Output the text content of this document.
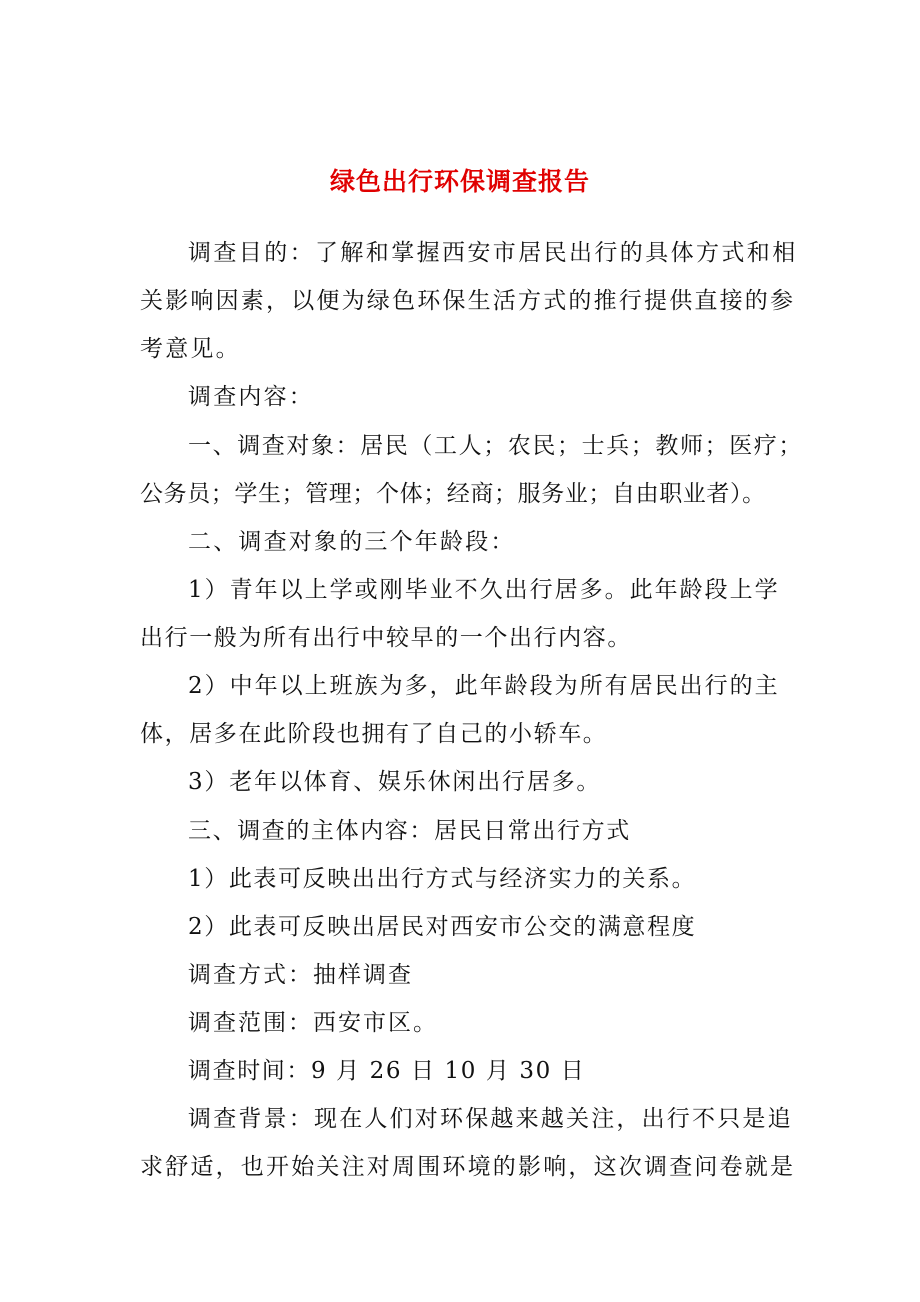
绿色出行环保调查报告
调查目的：了解和掌握西安市居民出行的具体方式和相
关影响因素，以便为绿色环保生活方式的推行提供直接的参
考意见。
调查内容：
一、调查对象：居民（工人；农民；士兵；教师；医疗；
公务员；学生；管理；个体；经商；服务业；自由职业者）。
二、调查对象的三个年龄段：
1）青年以上学或刚毕业不久出行居多。此年龄段上学
出行一般为所有出行中较早的一个出行内容。
2）中年以上班族为多，此年龄段为所有居民出行的主
体，居多在此阶段也拥有了自己的小轿车。
3）老年以体育、娱乐休闲出行居多。
三、调查的主体内容：居民日常出行方式
1）此表可反映出出行方式与经济实力的关系。
2）此表可反映出居民对西安市公交的满意程度
调查方式：抽样调查
调查范围：西安市区。
调查时间：9 月 26 日 10 月 30 日
调查背景：现在人们对环保越来越关注，出行不只是追
求舒适，也开始关注对周围环境的影响，这次调查问卷就是
